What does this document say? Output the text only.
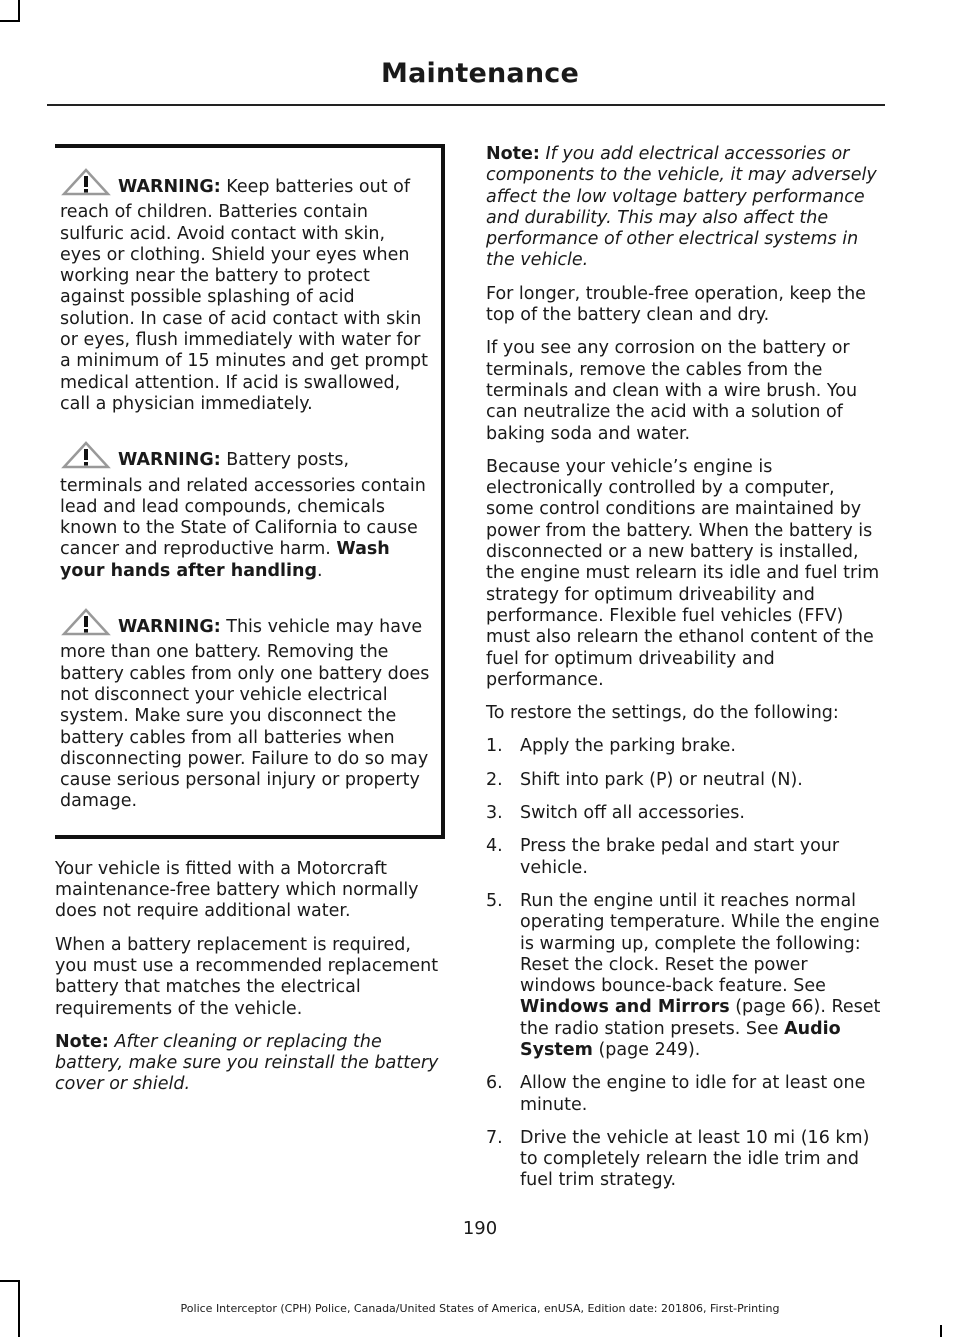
Maintenance
WARNING: Keep batteries out of reach of children. Batteries contain sulfuric acid. Avoid contact with skin, eyes or clothing. Shield your eyes when working near the battery to protect against possible splashing of acid solution. In case of acid contact with skin or eyes, flush immediately with water for a minimum of 15 minutes and get prompt medical attention. If acid is swallowed, call a physician immediately.
WARNING: Battery posts, terminals and related accessories contain lead and lead compounds, chemicals known to the State of California to cause cancer and reproductive harm. Wash your hands after handling.
WARNING: This vehicle may have more than one battery. Removing the battery cables from only one battery does not disconnect your vehicle electrical system. Make sure you disconnect the battery cables from all batteries when disconnecting power. Failure to do so may cause serious personal injury or property damage.

Your vehicle is fitted with a Motorcraft maintenance-free battery which normally does not require additional water.

When a battery replacement is required, you must use a recommended replacement battery that matches the electrical requirements of the vehicle.

Note: After cleaning or replacing the battery, make sure you reinstall the battery cover or shield.

Note: If you add electrical accessories or components to the vehicle, it may adversely affect the low voltage battery performance and durability. This may also affect the performance of other electrical systems in the vehicle.

For longer, trouble-free operation, keep the top of the battery clean and dry.

If you see any corrosion on the battery or terminals, remove the cables from the terminals and clean with a wire brush. You can neutralize the acid with a solution of baking soda and water.

Because your vehicle’s engine is electronically controlled by a computer, some control conditions are maintained by power from the battery. When the battery is disconnected or a new battery is installed, the engine must relearn its idle and fuel trim strategy for optimum driveability and performance. Flexible fuel vehicles (FFV) must also relearn the ethanol content of the fuel for optimum driveability and performance.

To restore the settings, do the following:

1. Apply the parking brake.
2. Shift into park (P) or neutral (N).
3. Switch off all accessories.
4. Press the brake pedal and start your vehicle.
5. Run the engine until it reaches normal operating temperature. While the engine is warming up, complete the following: Reset the clock. Reset the power windows bounce-back feature. See Windows and Mirrors (page 66). Reset the radio station presets. See Audio System (page 249).
6. Allow the engine to idle for at least one minute.
7. Drive the vehicle at least 10 mi (16 km) to completely relearn the idle trim and fuel trim strategy.
190
Police Interceptor (CPH) Police, Canada/United States of America, enUSA, Edition date: 201806, First-Printing
